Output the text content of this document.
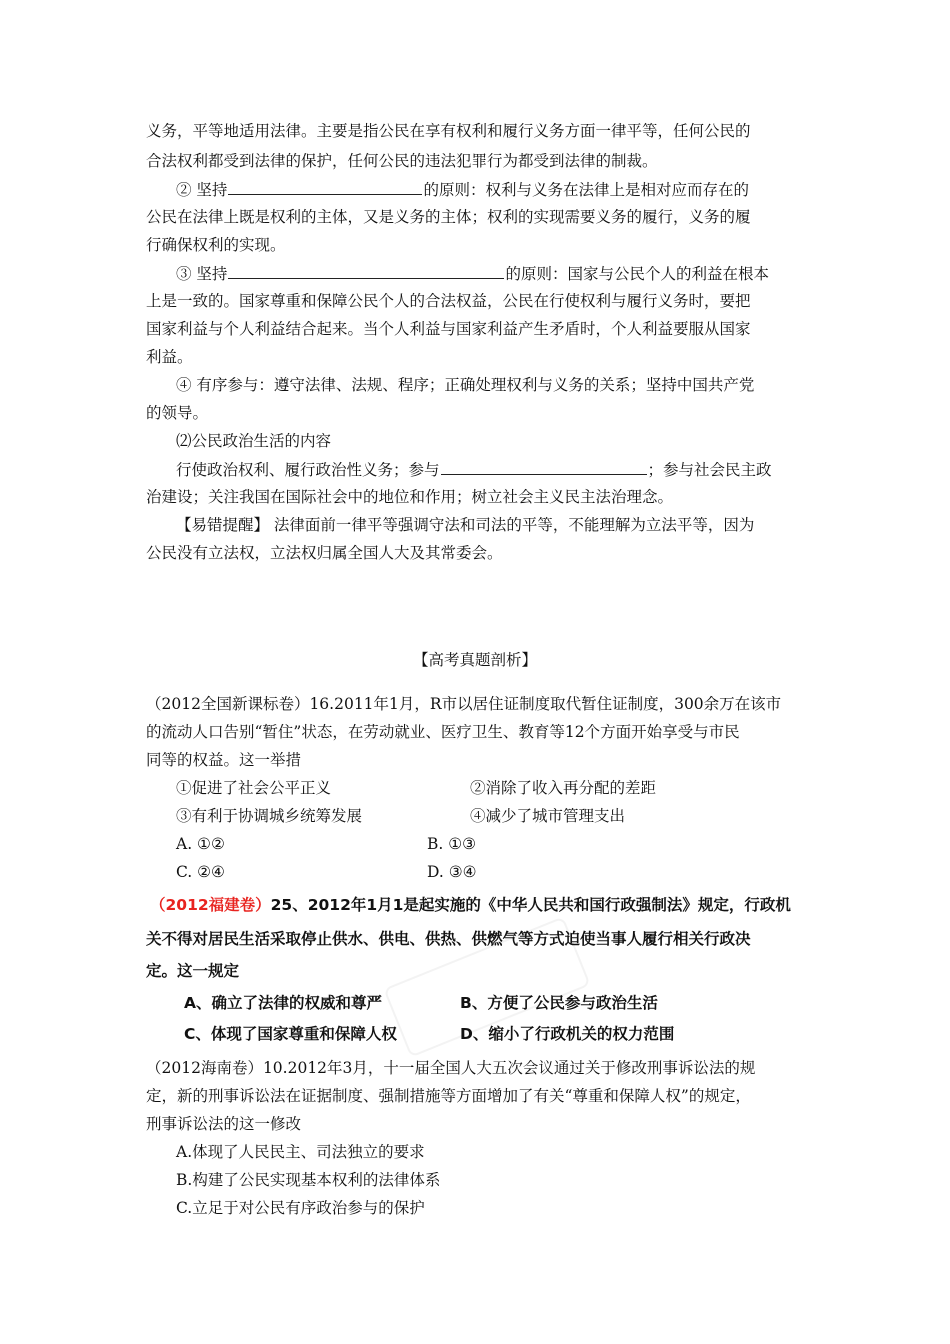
义务，平等地适用法律。主要是指公民在享有权利和履行义务方面一律平等，任何公民的
合法权利都受到法律的保护，任何公民的违法犯罪行为都受到法律的制裁。
② 坚持	的原则：权利与义务在法律上是相对应而存在的
公民在法律上既是权利的主体，又是义务的主体；权利的实现需要义务的履行，义务的履
行确保权利的实现。
③ 坚持	的原则：国家与公民个人的利益在根本
上是一致的。国家尊重和保障公民个人的合法权益，公民在行使权利与履行义务时，要把
国家利益与个人利益结合起来。当个人利益与国家利益产生矛盾时，个人利益要服从国家
利益。
④ 有序参与：遵守法律、法规、程序；正确处理权利与义务的关系；坚持中国共产党
的领导。
⑵公民政治生活的内容
行使政治权利、履行政治性义务；参与	；参与社会民主政
治建设；关注我国在国际社会中的地位和作用；树立社会主义民主法治理念。
【易错提醒】 法律面前一律平等强调守法和司法的平等，不能理解为立法平等，因为
公民没有立法权，立法权归属全国人大及其常委会。
【高考真题剖析】
（2012全国新课标卷）16.2011年1月，R市以居住证制度取代暂住证制度，300余万在该市
的流动人口告别“暂住”状态，在劳动就业、医疗卫生、教育等12个方面开始享受与市民
同等的权益。这一举措
①促进了社会公平正义	②消除了收入再分配的差距
③有利于协调城乡统筹发展	④减少了城市管理支出
A. ①②	B. ①③
C. ②④	D. ③④
（2012福建卷）25、2012年1月1是起实施的《中华人民共和国行政强制法》规定，行政机
关不得对居民生活采取停止供水、供电、供热、供燃气等方式迫使当事人履行相关行政决
定。这一规定
A、确立了法律的权威和尊严	B、方便了公民参与政治生活
C、体现了国家尊重和保障人权	D、缩小了行政机关的权力范围
（2012海南卷）10.2012年3月，十一届全国人大五次会议通过关于修改刑事诉讼法的规
定，新的刑事诉讼法在证据制度、强制措施等方面增加了有关“尊重和保障人权”的规定，
刑事诉讼法的这一修改
A.体现了人民民主、司法独立的要求
B.构建了公民实现基本权利的法律体系
C.立足于对公民有序政治参与的保护
